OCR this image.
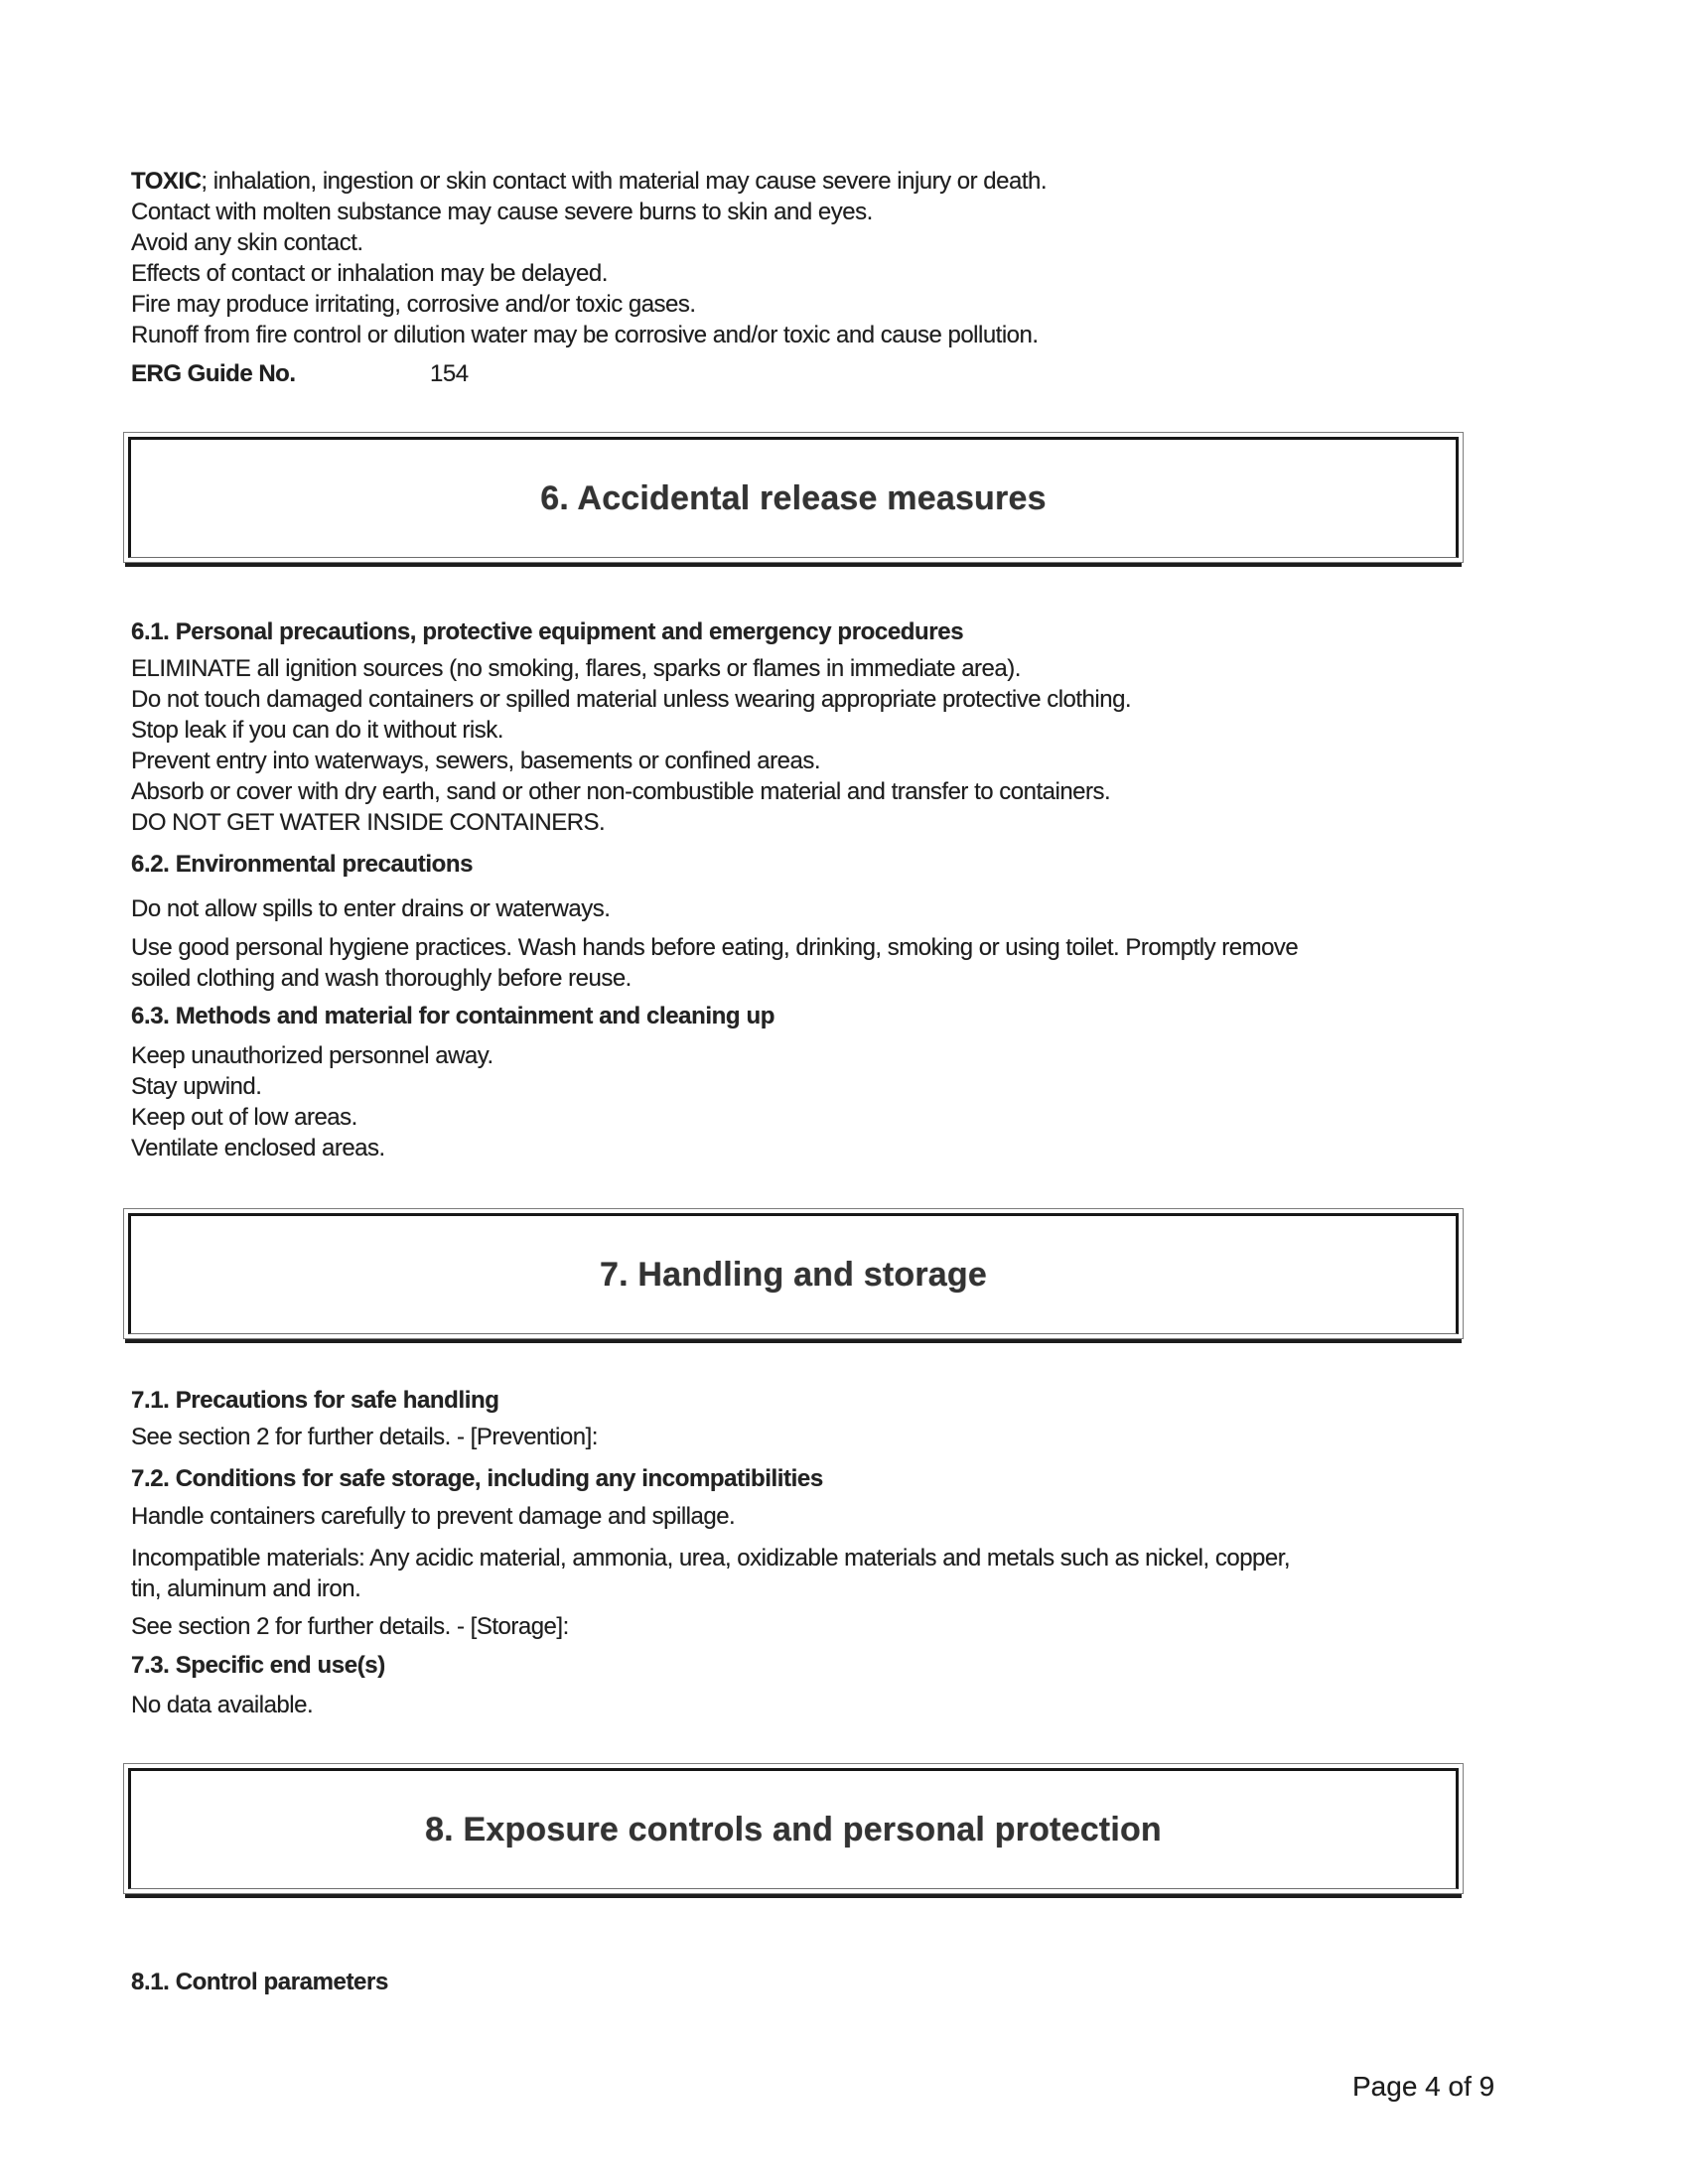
TOXIC; inhalation, ingestion or skin contact with material may cause severe injury or death.
Contact with molten substance may cause severe burns to skin and eyes.
Avoid any skin contact.
Effects of contact or inhalation may be delayed.
Fire may produce irritating, corrosive and/or toxic gases.
Runoff from fire control or dilution water may be corrosive and/or toxic and cause pollution.
ERG Guide No.	154
6. Accidental release measures
6.1. Personal precautions, protective equipment and emergency procedures
ELIMINATE all ignition sources (no smoking, flares, sparks or flames in immediate area).
Do not touch damaged containers or spilled material unless wearing appropriate protective clothing.
Stop leak if you can do it without risk.
Prevent entry into waterways, sewers, basements or confined areas.
Absorb or cover with dry earth, sand or other non-combustible material and transfer to containers.
DO NOT GET WATER INSIDE CONTAINERS.
6.2. Environmental precautions
Do not allow spills to enter drains or waterways.
Use good personal hygiene practices. Wash hands before eating, drinking, smoking or using toilet. Promptly remove
soiled clothing and wash thoroughly before reuse.
6.3. Methods and material for containment and cleaning up
Keep unauthorized personnel away.
Stay upwind.
Keep out of low areas.
Ventilate enclosed areas.
7. Handling and storage
7.1. Precautions for safe handling
See section 2 for further details. - [Prevention]:
7.2. Conditions for safe storage, including any incompatibilities
Handle containers carefully to prevent damage and spillage.
Incompatible materials: Any acidic material, ammonia, urea, oxidizable materials and metals such as nickel, copper,
tin, aluminum and iron.
See section 2 for further details. - [Storage]:
7.3. Specific end use(s)
No data available.
8. Exposure controls and personal protection
8.1. Control parameters
Page 4 of 9
